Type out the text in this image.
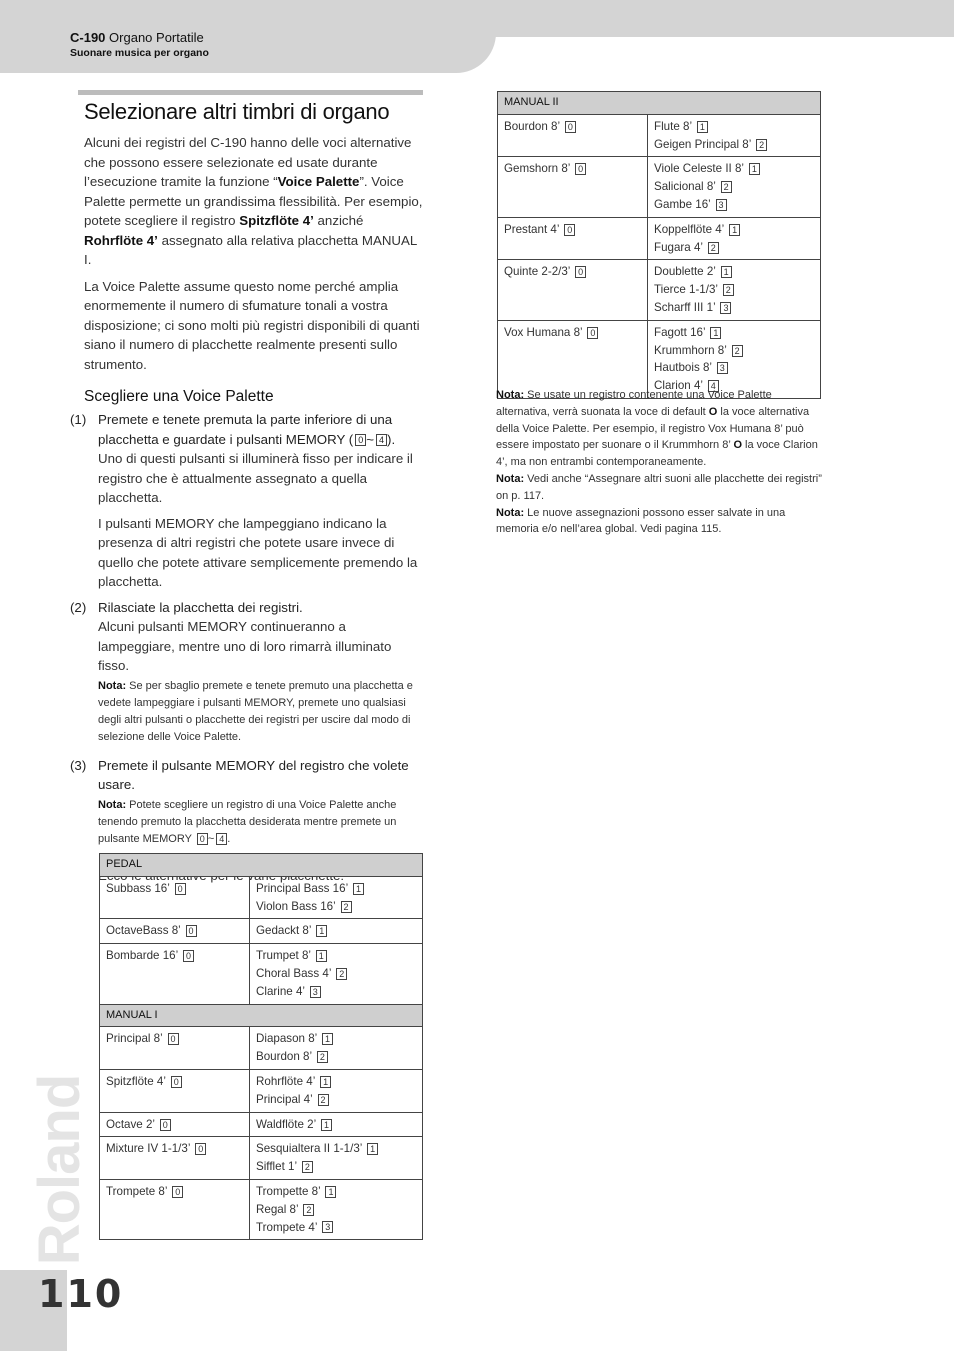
C-190 Organo Portatile
Suonare musica per organo
Roland
110
Selezionare altri timbri di organo

Alcuni dei registri del C-190 hanno delle voci alternative che possono essere selezionate ed usate durante l’esecuzione tramite la funzione “Voice Palette”. Voice Palette permette un grandissima flessibilità. Per esempio, potete scegliere il registro Spitzflöte 4’ anziché Rohrflöte 4’ assegnato alla relativa placchetta MANUAL I.

La Voice Palette assume questo nome perché amplia enormemente il numero di sfumature tonali a vostra disposizione; ci sono molti più registri disponibili di quanti siano il numero di placchette realmente presenti sullo strumento.

Scegliere una Voice Palette
(1) Premete e tenete premuta la parte inferiore di una placchetta e guardate i pulsanti MEMORY ( 0 ~ 4 ).

Uno di questi pulsanti si illuminerà fisso per indicare il registro che è attualmente assegnato a quella placchetta.

I pulsanti MEMORY che lampeggiano indicano la presenza di altri registri che potete usare invece di quello che potete attivare semplicemente premendo la placchetta.

(2) Rilasciate la placchetta dei registri.

Alcuni pulsanti MEMORY continueranno a lampeggiare, mentre uno di loro rimarrà illuminato fisso.

Nota: Se per sbaglio premete e tenete premuto una placchetta e vedete lampeggiare i pulsanti MEMORY, premete uno qualsiasi degli altri pulsanti o placchette dei registri per uscire dal modo di selezione delle Voice Palette.
(3) Premete il pulsante MEMORY del registro che volete usare.
Nota: Potete scegliere un registro di una Voice Palette anche tenendo premuto la placchetta desiderata mentre premete un pulsante MEMORY 0 ~ 4 .
PEDAL	
Subbass 16’ 0	Principal Bass 16’ 1
Violon Bass 16’ 2

OctaveBass 8’ 0	Gedackt 8’ 1

Bombarde 16’ 0	Trumpet 8’ 1
Choral Bass 4’ 2
Clarine 4’ 3

MANUAL I	
Principal 8’ 0	Diapason 8’ 1
Bourdon 8’ 2

Spitzflöte 4’ 0	Rohrflöte 4’ 1
Principal 4’ 2

Octave 2’ 0	Waldflöte 2’ 1

Mixture IV 1-1/3’ 0	Sesquialtera II 1-1/3’ 1
Sifflet 1’ 2

Trompete 8’ 0	Trompette 8’ 1
Regal 8’ 2
Trompete 4’ 3
MANUAL II	
Bourdon 8’ 0	Flute 8’ 1
Geigen Principal 8’ 2

Gemshorn 8’ 0	Viole Celeste II 8’ 1
Salicional 8’ 2
Gambe 16’ 3

Prestant 4’ 0	Koppelflöte 4’ 1
Fugara 4’ 2

Quinte 2-2/3’ 0	Doublette 2’ 1
Tierce 1-1/3’ 2
Scharff III 1’ 3

Vox Humana 8’ 0	Fagott 16’ 1
Krummhorn 8’ 2
Hautbois 8’ 3
Clarion 4’ 4

Nota: Se usate un registro contenente una Voice Palette alternativa, verrà suonata la voce di default O la voce alternativa della Voice Palette. Per esempio, il registro Vox Humana 8’ può essere impostato per suonare o il Krummhorn 8’ O la voce Clarion 4’, ma non entrambi contemporaneamente.

Nota: Vedi anche “Assegnare altri suoni alle placchette dei registri” on p. 117.

Nota: Le nuove assegnazioni possono esser salvate in una memoria e/o nell’area global. Vedi pagina 115.
